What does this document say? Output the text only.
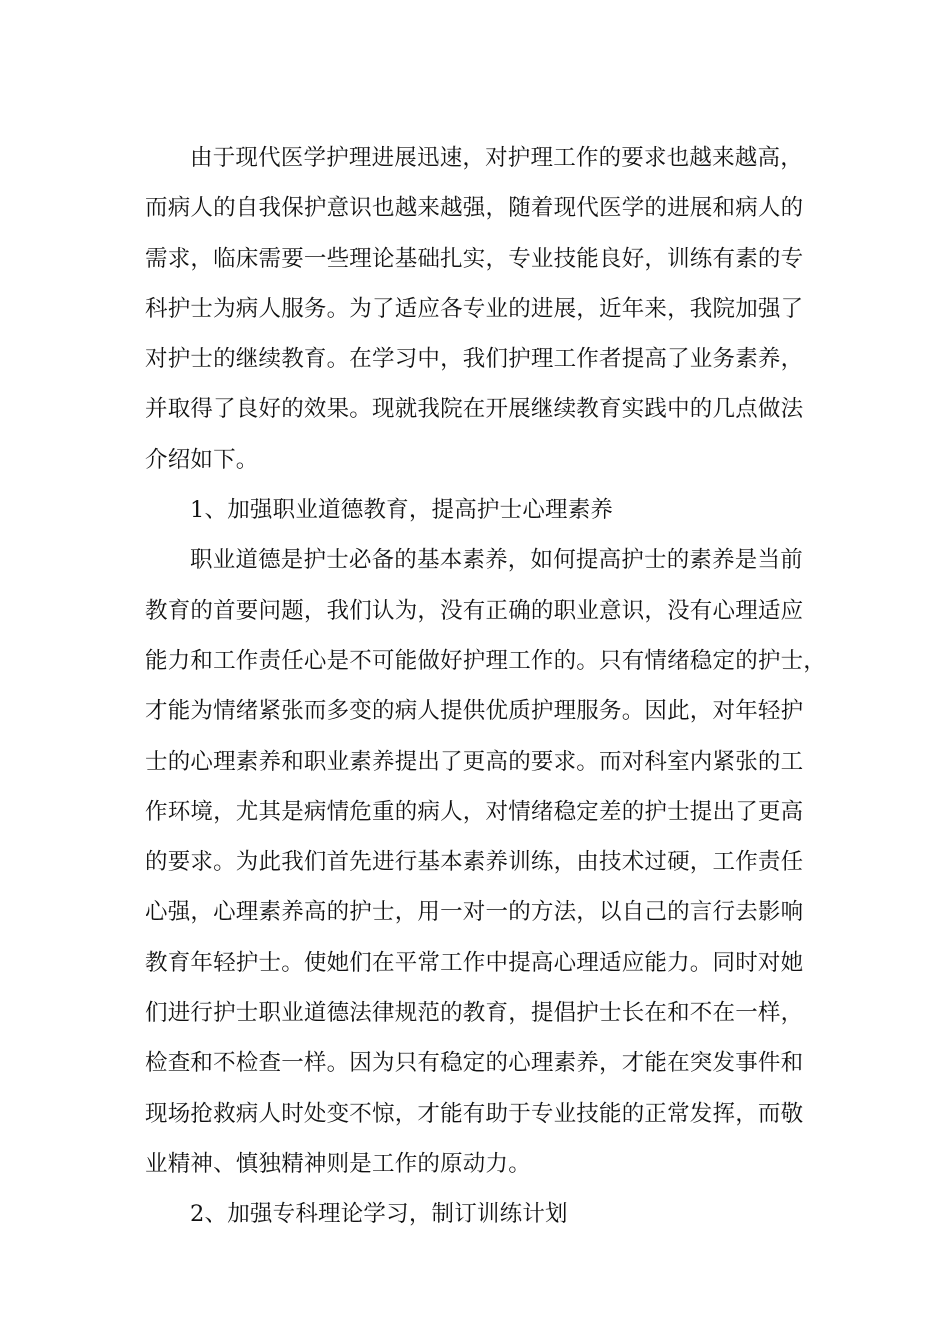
由于现代医学护理进展迅速，对护理工作的要求也越来越高，
而病人的自我保护意识也越来越强，随着现代医学的进展和病人的
需求，临床需要一些理论基础扎实，专业技能良好，训练有素的专
科护士为病人服务。为了适应各专业的进展，近年来，我院加强了
对护士的继续教育。在学习中，我们护理工作者提高了业务素养，
并取得了良好的效果。现就我院在开展继续教育实践中的几点做法
介绍如下。
1、加强职业道德教育，提高护士心理素养
职业道德是护士必备的基本素养，如何提高护士的素养是当前
教育的首要问题，我们认为，没有正确的职业意识，没有心理适应
能力和工作责任心是不可能做好护理工作的。只有情绪稳定的护士，
才能为情绪紧张而多变的病人提供优质护理服务。因此，对年轻护
士的心理素养和职业素养提出了更高的要求。而对科室内紧张的工
作环境，尤其是病情危重的病人，对情绪稳定差的护士提出了更高
的要求。为此我们首先进行基本素养训练，由技术过硬，工作责任
心强，心理素养高的护士，用一对一的方法，以自己的言行去影响
教育年轻护士。使她们在平常工作中提高心理适应能力。同时对她
们进行护士职业道德法律规范的教育，提倡护士长在和不在一样，
检查和不检查一样。因为只有稳定的心理素养，才能在突发事件和
现场抢救病人时处变不惊，才能有助于专业技能的正常发挥，而敬
业精神、慎独精神则是工作的原动力。
2、加强专科理论学习，制订训练计划
